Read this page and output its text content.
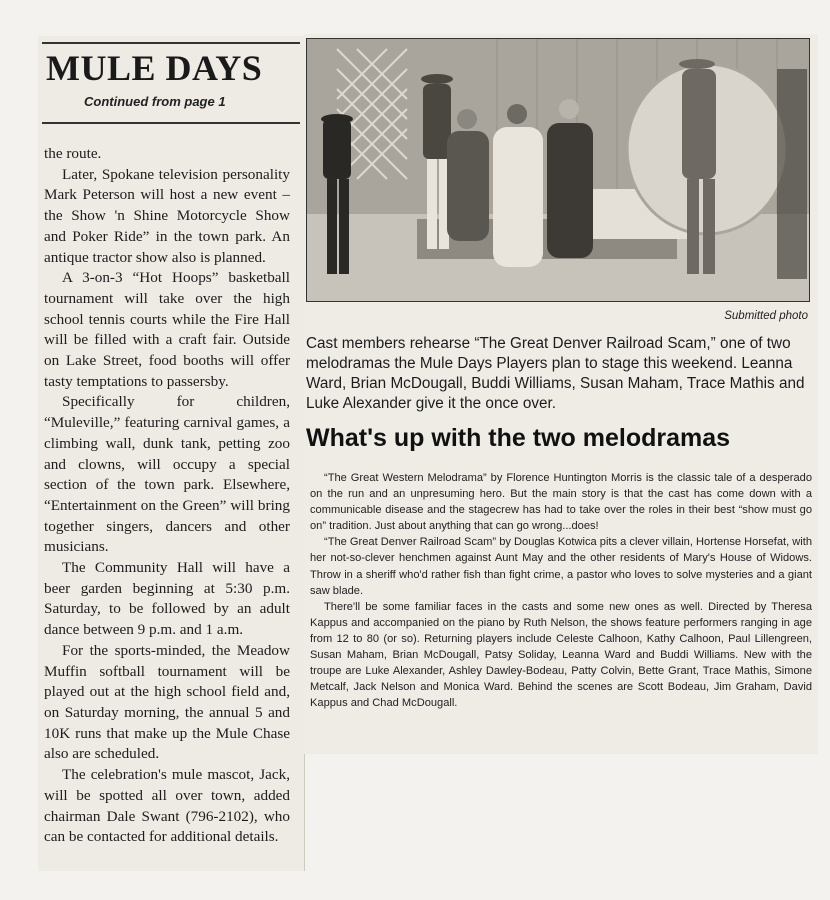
MULE DAYS
Continued from page 1

the route.

Later, Spokane television personality Mark Peterson will host a new event – the Show 'n Shine Motorcycle Show and Poker Ride” in the town park. An antique tractor show also is planned.

A 3-on-3 “Hot Hoops” basketball tournament will take over the high school tennis courts while the Fire Hall will be filled with a craft fair. Outside on Lake Street, food booths will offer tasty temptations to passersby.

Specifically for children, “Muleville,” featuring carnival games, a climbing wall, dunk tank, petting zoo and clowns, will occupy a special section of the town park. Elsewhere, “Entertainment on the Green” will bring together singers, dancers and other musicians.

The Community Hall will have a beer garden beginning at 5:30 p.m. Saturday, to be followed by an adult dance between 9 p.m. and 1 a.m.

For the sports-minded, the Meadow Muffin softball tournament will be played out at the high school field and, on Saturday morning, the annual 5 and 10K runs that make up the Mule Chase also are scheduled.

The celebration's mule mascot, Jack, will be spotted all over town, added chairman Dale Swant (796-2102), who can be contacted for additional details.

Submitted photo
Cast members rehearse “The Great Denver Railroad Scam,” one of two melodramas the Mule Days Players plan to stage this weekend. Leanna Ward, Brian McDougall, Buddi Williams, Susan Maham, Trace Mathis and Luke Alexander give it the once over.
What's up with the two melodramas

“The Great Western Melodrama” by Florence Huntington Morris is the classic tale of a desperado on the run and an unpresuming hero. But the main story is that the cast has come down with a communicable disease and the stagecrew has had to take over the roles in their best “show must go on” tradition. Just about anything that can go wrong...does!

“The Great Denver Railroad Scam” by Douglas Kotwica pits a clever villain, Hortense Horsefat, with her not-so-clever henchmen against Aunt May and the other residents of Mary's House of Widows. Throw in a sheriff who'd rather fish than fight crime, a pastor who loves to solve mysteries and a giant saw blade.

There'll be some familiar faces in the casts and some new ones as well. Directed by Theresa Kappus and accompanied on the piano by Ruth Nelson, the shows feature performers ranging in age from 12 to 80 (or so). Returning players include Celeste Calhoon, Kathy Calhoon, Paul Lillengreen, Susan Maham, Brian McDougall, Patsy Soliday, Leanna Ward and Buddi Williams. New with the troupe are Luke Alexander, Ashley Dawley-Bodeau, Patty Colvin, Bette Grant, Trace Mathis, Simone Metcalf, Jack Nelson and Monica Ward. Behind the scenes are Scott Bodeau, Jim Graham, David Kappus and Chad McDougall.
